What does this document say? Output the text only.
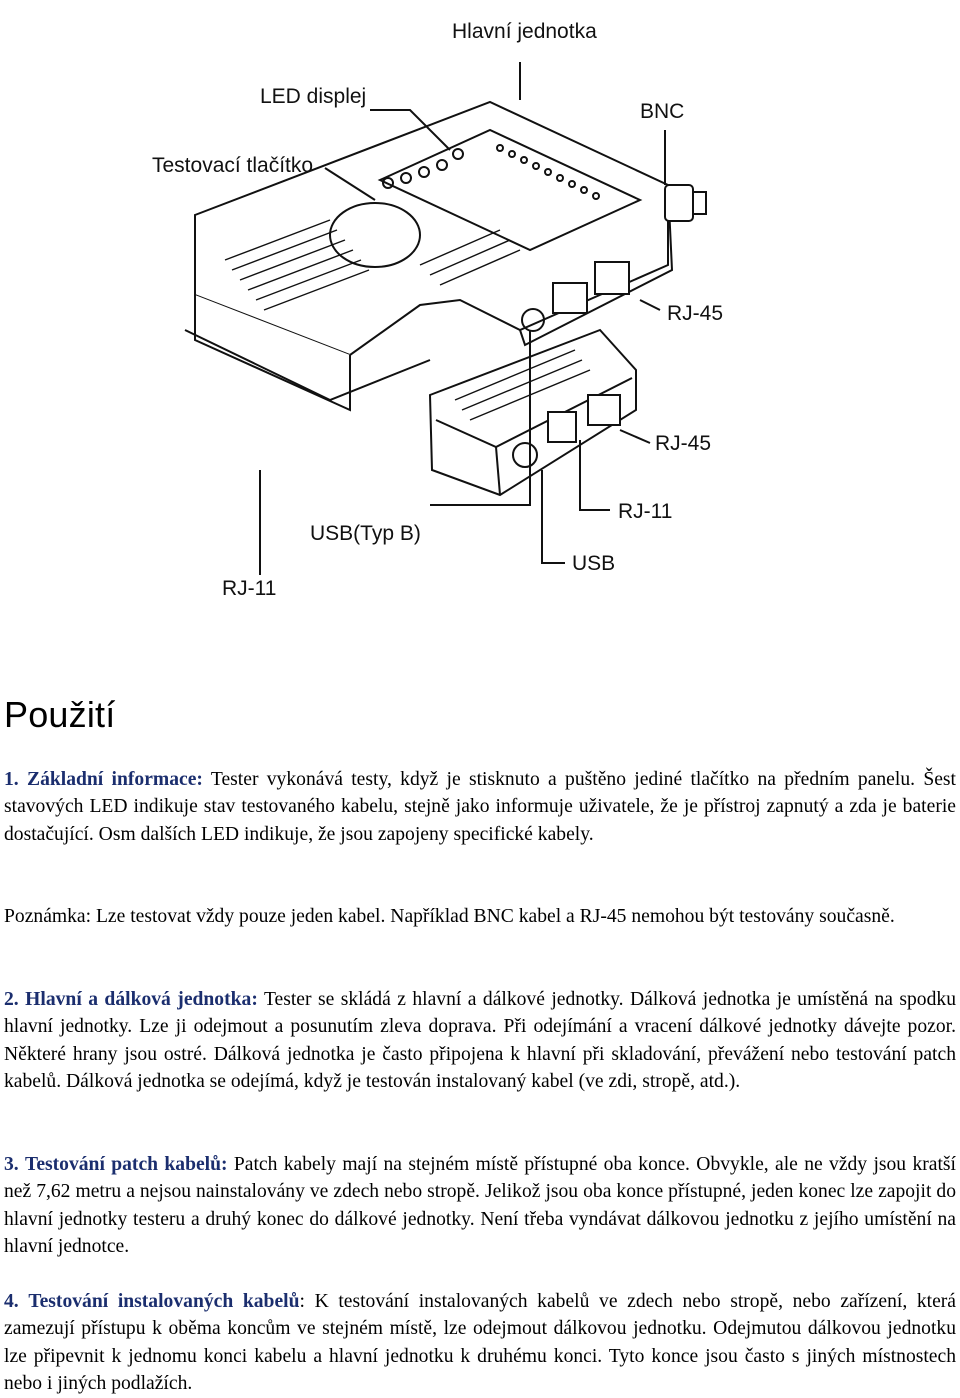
Hlavní jednotka
LED displej
Testovací tlačítko
BNC
RJ-45
RJ-45
RJ-11
USB
USB(Typ B)
RJ-11
Použití

1. Základní informace: Tester vykonává testy, když je stisknuto a puštěno jediné tlačítko na předním panelu. Šest stavových LED indikuje stav testovaného kabelu, stejně jako informuje uživatele, že je přístroj zapnutý a zda je baterie dostačující. Osm dalších LED indikuje, že jsou zapojeny specifické kabely.

Poznámka: Lze testovat vždy pouze jeden kabel. Například BNC kabel a RJ-45 nemohou být testovány současně.

2. Hlavní a dálková jednotka: Tester se skládá z hlavní a dálkové jednotky. Dálková jednotka je umístěná na spodku hlavní jednotky. Lze ji odejmout a posunutím zleva doprava. Při odejímání a vracení dálkové jednotky dávejte pozor. Některé hrany jsou ostré. Dálková jednotka je často připojena k hlavní při skladování, převážení nebo testování patch kabelů. Dálková jednotka se odejímá, když je testován instalovaný kabel (ve zdi, stropě, atd.).

3. Testování patch kabelů: Patch kabely mají na stejném místě přístupné oba konce. Obvykle, ale ne vždy jsou kratší než 7,62 metru a nejsou nainstalovány ve zdech nebo stropě. Jelikož jsou oba konce přístupné, jeden konec lze zapojit do hlavní jednotky testeru a druhý konec do dálkové jednotky. Není třeba vyndávat dálkovou jednotku z jejího umístění na hlavní jednotce.

4. Testování instalovaných kabelů: K testování instalovaných kabelů ve zdech nebo stropě, nebo zařízení, která zamezují přístupu k oběma koncům ve stejném místě, lze odejmout dálkovou jednotku. Odejmutou dálkovou jednotku lze připevnit k jednomu konci kabelu a hlavní jednotku k druhému konci. Tyto konce jsou často s jiných místnostech nebo i jiných podlažích.
